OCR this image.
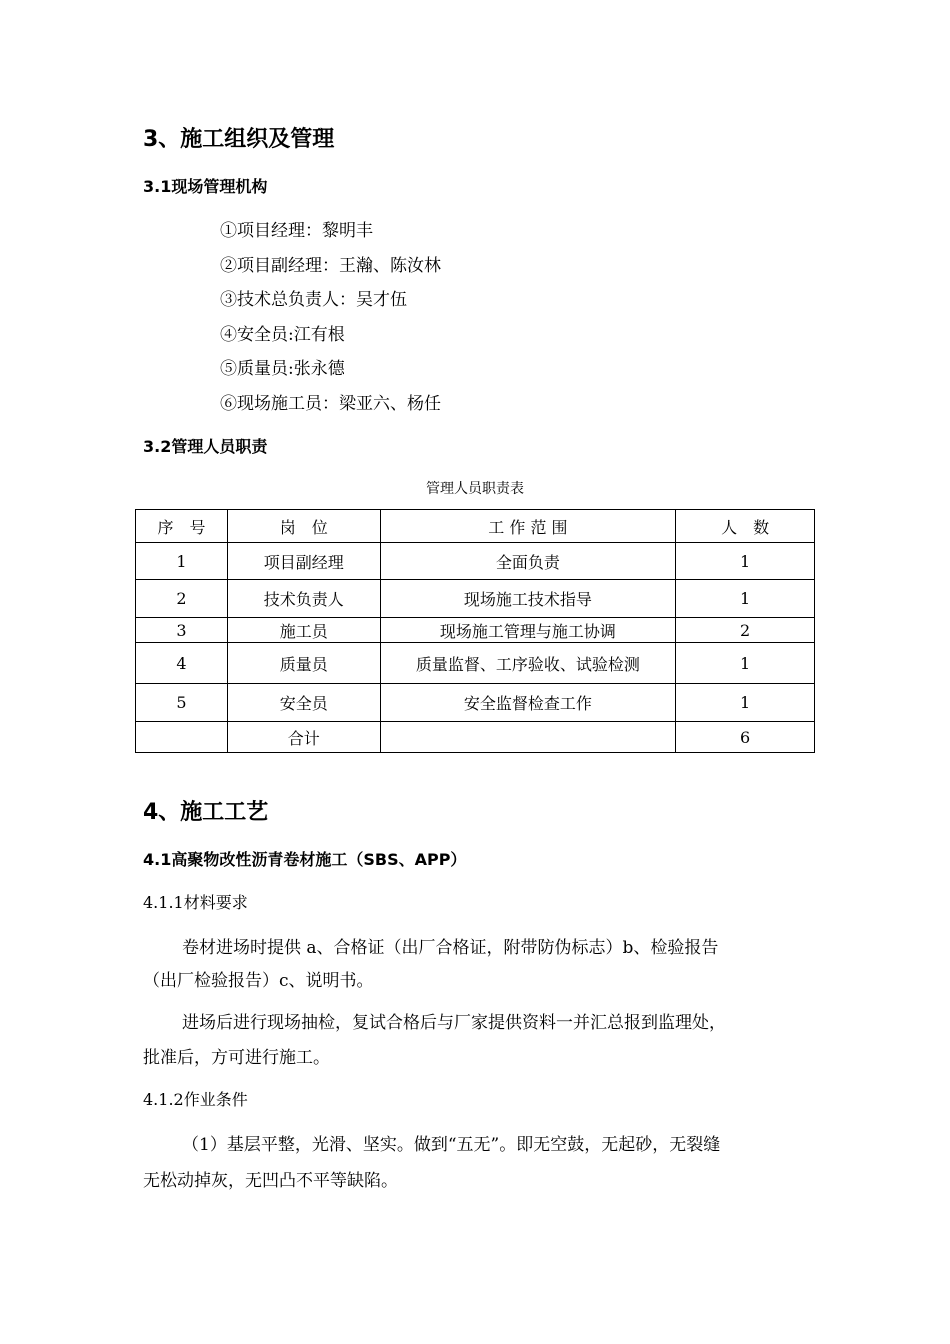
3、施工组织及管理
3.1现场管理机构
①项目经理：黎明丰
②项目副经理：王瀚、陈汝林
③技术总负责人：吴才伍
④安全员:江有根
⑤质量员:张永德
⑥现场施工员：梁亚六、杨任
3.2管理人员职责
管理人员职责表
序　号	岗　位	工 作 范 围	人　数
1	项目副经理	全面负责	1
2	技术负责人	现场施工技术指导	1
3	施工员	现场施工管理与施工协调	2
4	质量员	质量监督、工序验收、试验检测	1
5	安全员	安全监督检查工作	1
	合计		6
4、施工工艺
4.1高聚物改性沥青卷材施工（SBS、APP）
4.1.1材料要求
卷材进场时提供 a、合格证（出厂合格证，附带防伪标志）b、检验报告
（出厂检验报告）c、说明书。
进场后进行现场抽检，复试合格后与厂家提供资料一并汇总报到监理处，
批准后，方可进行施工。
4.1.2作业条件
（1）基层平整，光滑、坚实。做到“五无”。即无空鼓，无起砂，无裂缝
无松动掉灰，无凹凸不平等缺陷。
